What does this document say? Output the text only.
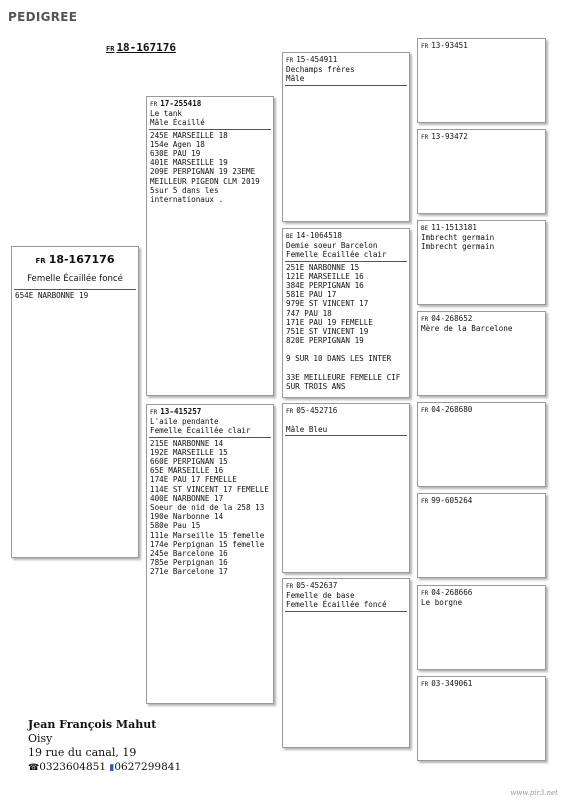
PEDIGREE
FR 18-167176
FR 18-167176
Femelle Écaillée foncé
654E NARBONNE 19
FR 17-255418
Le tank
Mâle Écaillé
245E MARSEILLE 18
154e Agen 18
630E PAU 19
401E MARSEILLE 19
209E PERPIGNAN 19 23EME
MEILLEUR PIGEON CLM 2019
5sur 5 dans les
internationaux .
FR 13-415257
L'aile pendante
Femelle Écaillée clair
215E NARBONNE 14
192E MARSEILLE 15
660E PERPIGNAN 15
65E MARSEILLE 16
174E PAU 17 FEMELLE
114E ST VINCENT 17 FEMELLE
400E NARBONNE 17
Soeur de nid de la 258 13
190e Narbonne 14
580e Pau 15
111e Marseille 15 femelle
174e Perpignan 15 femelle
245e Barcelone 16
785e Perpignan 16
271e Barcelone 17
FR 15-454911
Dechamps frères
Mâle
BE 14-1064518
Demie soeur Barcelon
Femelle Écaillée clair
251E NARBONNE 15
121E MARSEILLE 16
384E PERPIGNAN 16
581E PAU 17
979E ST VINCENT 17
747 PAU 18
171E PAU 19 FEMELLE
751E ST VINCENT 19
820E PERPIGNAN 19
9 SUR 10 DANS LES INTER
33E MEILLEURE FEMELLE CIF
SUR TROIS ANS
FR 05-452716
Mâle Bleu
FR 05-452637
Femelle de base
Femelle Écaillée foncé
FR 13-93451
FR 13-93472
BE 11-1513181
Imbrecht germain
Imbrecht germain
FR 04-268652
Mère de la Barcelone
FR 04-268680
FR 99-605264
FR 04-268666
Le borgne
FR 03-349061
Jean François Mahut
Oisy
19 rue du canal, 19
☎0323604851 ▮0627299841
www.pir3.net
